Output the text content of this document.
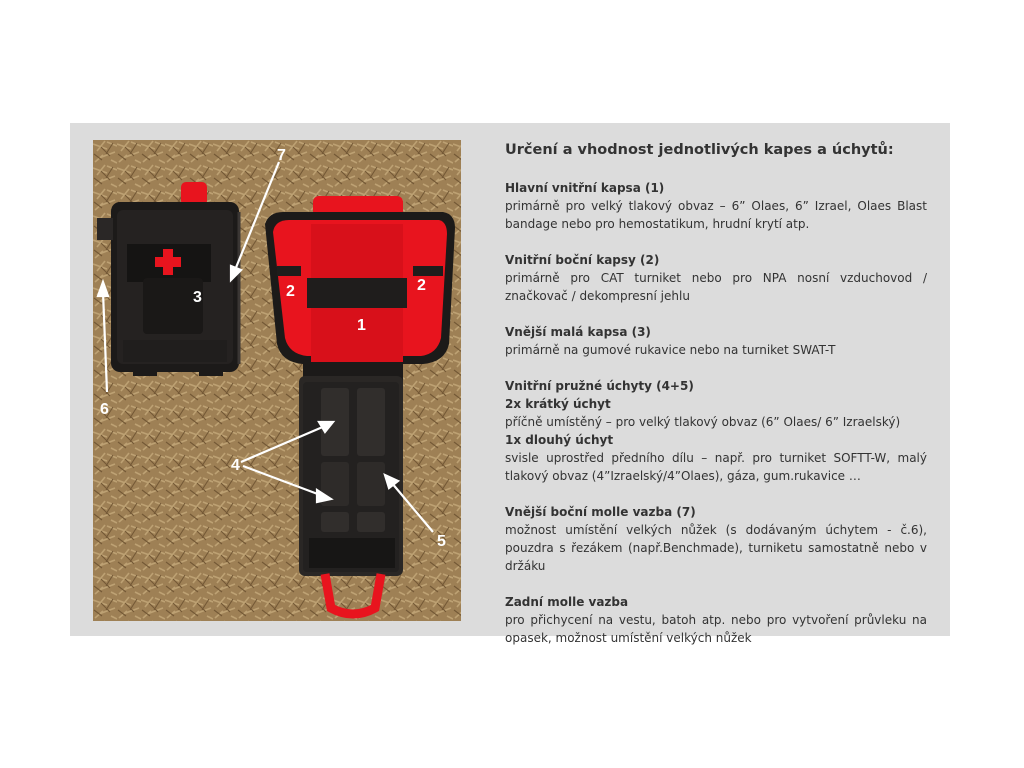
1
2	2
3
4
5
6
7	Určení a vhodnost jednotlivých kapes a úchytů:
Hlavní vnitřní kapsa (1)
primárně pro velký tlakový obvaz – 6” Olaes, 6” Izrael, Olaes Blast bandage nebo pro hemostatikum, hrudní krytí atp.
Vnitřní boční kapsy (2)
primárně pro CAT turniket nebo pro NPA nosní vzduchovod / značkovač / dekompresní jehlu
Vnější malá kapsa (3)
primárně na gumové rukavice nebo na turniket SWAT-T
Vnitřní pružné úchyty (4+5)
2x krátký úchyt
příčně umístěný – pro velký tlakový obvaz (6” Olaes/ 6” Izraelský)
1x dlouhý úchyt
svisle uprostřed předního dílu – např. pro turniket SOFTT-W, malý tlakový obvaz (4”Izraelský/4”Olaes), gáza, gum.rukavice …
Vnější boční molle vazba (7)
možnost umístění velkých nůžek (s dodávaným úchytem - č.6), pouzdra s řezákem (např.Benchmade), turniketu samostatně nebo v držáku
Zadní molle vazba
pro přichycení na vestu, batoh atp. nebo pro vytvoření průvleku na opasek, možnost umístění velkých nůžek
